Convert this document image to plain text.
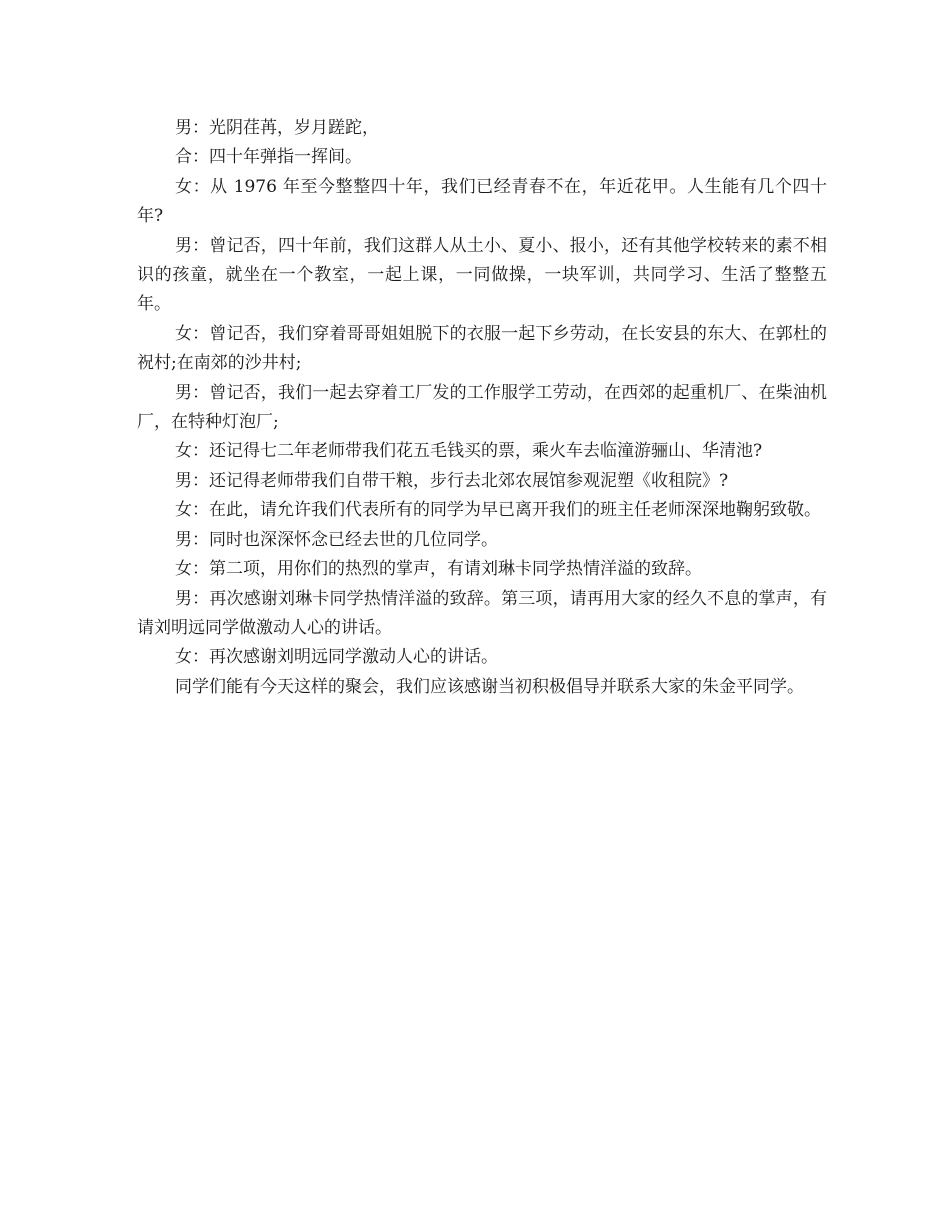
男：光阴荏苒，岁月蹉跎，

合：四十年弹指一挥间。

女：从 1976 年至今整整四十年，我们已经青春不在，年近花甲。人生能有几个四十年?

男：曾记否，四十年前，我们这群人从土小、夏小、报小，还有其他学校转来的素不相识的孩童，就坐在一个教室，一起上课，一同做操，一块军训，共同学习、生活了整整五年。

女：曾记否，我们穿着哥哥姐姐脱下的衣服一起下乡劳动，在长安县的东大、在郭杜的祝村;在南郊的沙井村;

男：曾记否，我们一起去穿着工厂发的工作服学工劳动，在西郊的起重机厂、在柴油机厂，在特种灯泡厂;

女：还记得七二年老师带我们花五毛钱买的票，乘火车去临潼游骊山、华清池?

男：还记得老师带我们自带干粮，步行去北郊农展馆参观泥塑《收租院》?

女：在此，请允许我们代表所有的同学为早已离开我们的班主任老师深深地鞠躬致敬。

男：同时也深深怀念已经去世的几位同学。

女：第二项，用你们的热烈的掌声，有请刘琳卡同学热情洋溢的致辞。

男：再次感谢刘琳卡同学热情洋溢的致辞。第三项，请再用大家的经久不息的掌声，有请刘明远同学做激动人心的讲话。

女：再次感谢刘明远同学激动人心的讲话。

同学们能有今天这样的聚会，我们应该感谢当初积极倡导并联系大家的朱金平同学。
